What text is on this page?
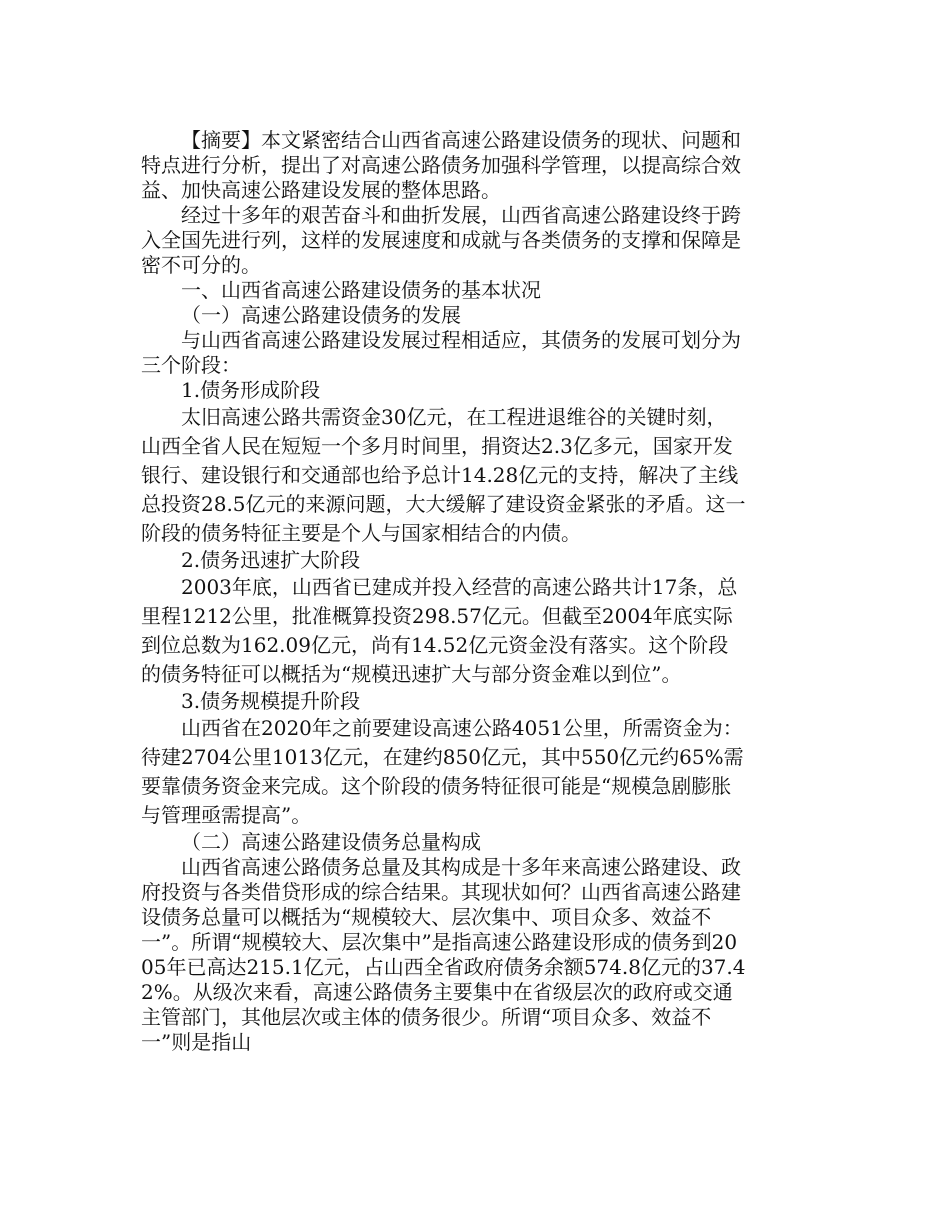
【摘要】本文紧密结合山西省高速公路建设债务的现状、问题和特点进行分析，提出了对高速公路债务加强科学管理，以提高综合效益、加快高速公路建设发展的整体思路。

经过十多年的艰苦奋斗和曲折发展，山西省高速公路建设终于跨入全国先进行列，这样的发展速度和成就与各类债务的支撑和保障是密不可分的。

一、山西省高速公路建设债务的基本状况

（一）高速公路建设债务的发展

与山西省高速公路建设发展过程相适应，其债务的发展可划分为三个阶段：

1.债务形成阶段

太旧高速公路共需资金30亿元，在工程进退维谷的关键时刻，山西全省人民在短短一个多月时间里，捐资达2.3亿多元，国家开发银行、建设银行和交通部也给予总计14.28亿元的支持，解决了主线总投资28.5亿元的来源问题，大大缓解了建设资金紧张的矛盾。这一阶段的债务特征主要是个人与国家相结合的内债。

2.债务迅速扩大阶段

2003年底，山西省已建成并投入经营的高速公路共计17条，总里程1212公里，批准概算投资298.57亿元。但截至2004年底实际到位总数为162.09亿元，尚有14.52亿元资金没有落实。这个阶段的债务特征可以概括为“规模迅速扩大与部分资金难以到位”。

3.债务规模提升阶段

山西省在2020年之前要建设高速公路4051公里，所需资金为：待建2704公里1013亿元，在建约850亿元，其中550亿元约65%需要靠债务资金来完成。这个阶段的债务特征很可能是“规模急剧膨胀与管理亟需提高”。

（二）高速公路建设债务总量构成

山西省高速公路债务总量及其构成是十多年来高速公路建设、政府投资与各类借贷形成的综合结果。其现状如何？山西省高速公路建设债务总量可以概括为“规模较大、层次集中、项目众多、效益不一”。所谓“规模较大、层次集中”是指高速公路建设形成的债务到2005年已高达215.1亿元，占山西全省政府债务余额574.8亿元的37.42%。从级次来看，高速公路债务主要集中在省级层次的政府或交通主管部门，其他层次或主体的债务很少。所谓“项目众多、效益不一”则是指山
